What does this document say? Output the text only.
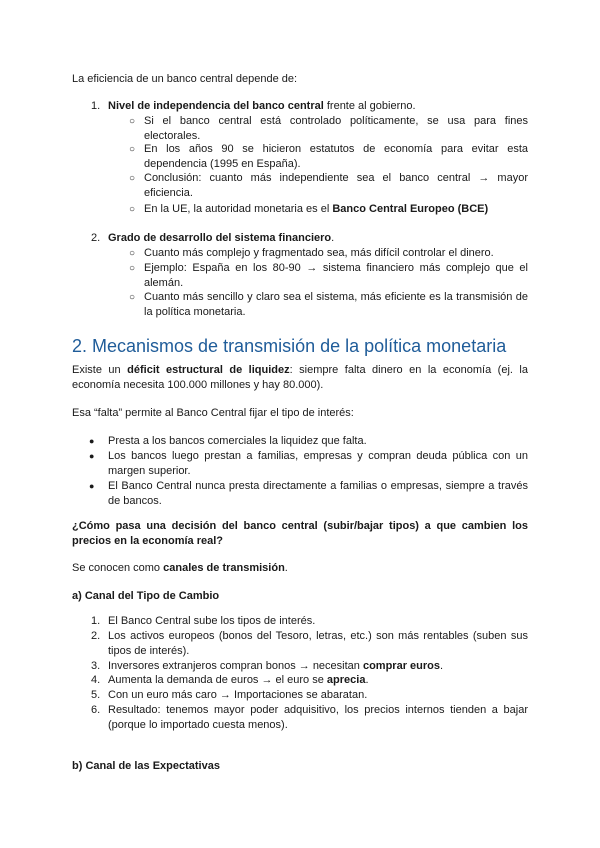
La eficiencia de un banco central depende de:

1. Nivel de independencia del banco central frente al gobierno.
○ Si el banco central está controlado políticamente, se usa para fines electorales.
○ En los años 90 se hicieron estatutos de economía para evitar esta dependencia (1995 en España).
○ Conclusión: cuanto más independiente sea el banco central → mayor eficiencia.
○ En la UE, la autoridad monetaria es el Banco Central Europeo (BCE)
2. Grado de desarrollo del sistema financiero.
○ Cuanto más complejo y fragmentado sea, más difícil controlar el dinero.
○ Ejemplo: España en los 80-90 → sistema financiero más complejo que el alemán.
○ Cuanto más sencillo y claro sea el sistema, más eficiente es la transmisión de la política monetaria.
2. Mecanismos de transmisión de la política monetaria

Existe un déficit estructural de liquidez: siempre falta dinero en la economía (ej. la economía necesita 100.000 millones y hay 80.000).

Esa “falta” permite al Banco Central fijar el tipo de interés:

● Presta a los bancos comerciales la liquidez que falta.
● Los bancos luego prestan a familias, empresas y compran deuda pública con un margen superior.
● El Banco Central nunca presta directamente a familias o empresas, siempre a través de bancos.

¿Cómo pasa una decisión del banco central (subir/bajar tipos) a que cambien los precios en la economía real?

Se conocen como canales de transmisión.

a) Canal del Tipo de Cambio

1. El Banco Central sube los tipos de interés.
2. Los activos europeos (bonos del Tesoro, letras, etc.) son más rentables (suben sus tipos de interés).
3. Inversores extranjeros compran bonos → necesitan comprar euros.
4. Aumenta la demanda de euros → el euro se aprecia.
5. Con un euro más caro → Importaciones se abaratan.
6. Resultado: tenemos mayor poder adquisitivo, los precios internos tienden a bajar (porque lo importado cuesta menos).

b) Canal de las Expectativas
